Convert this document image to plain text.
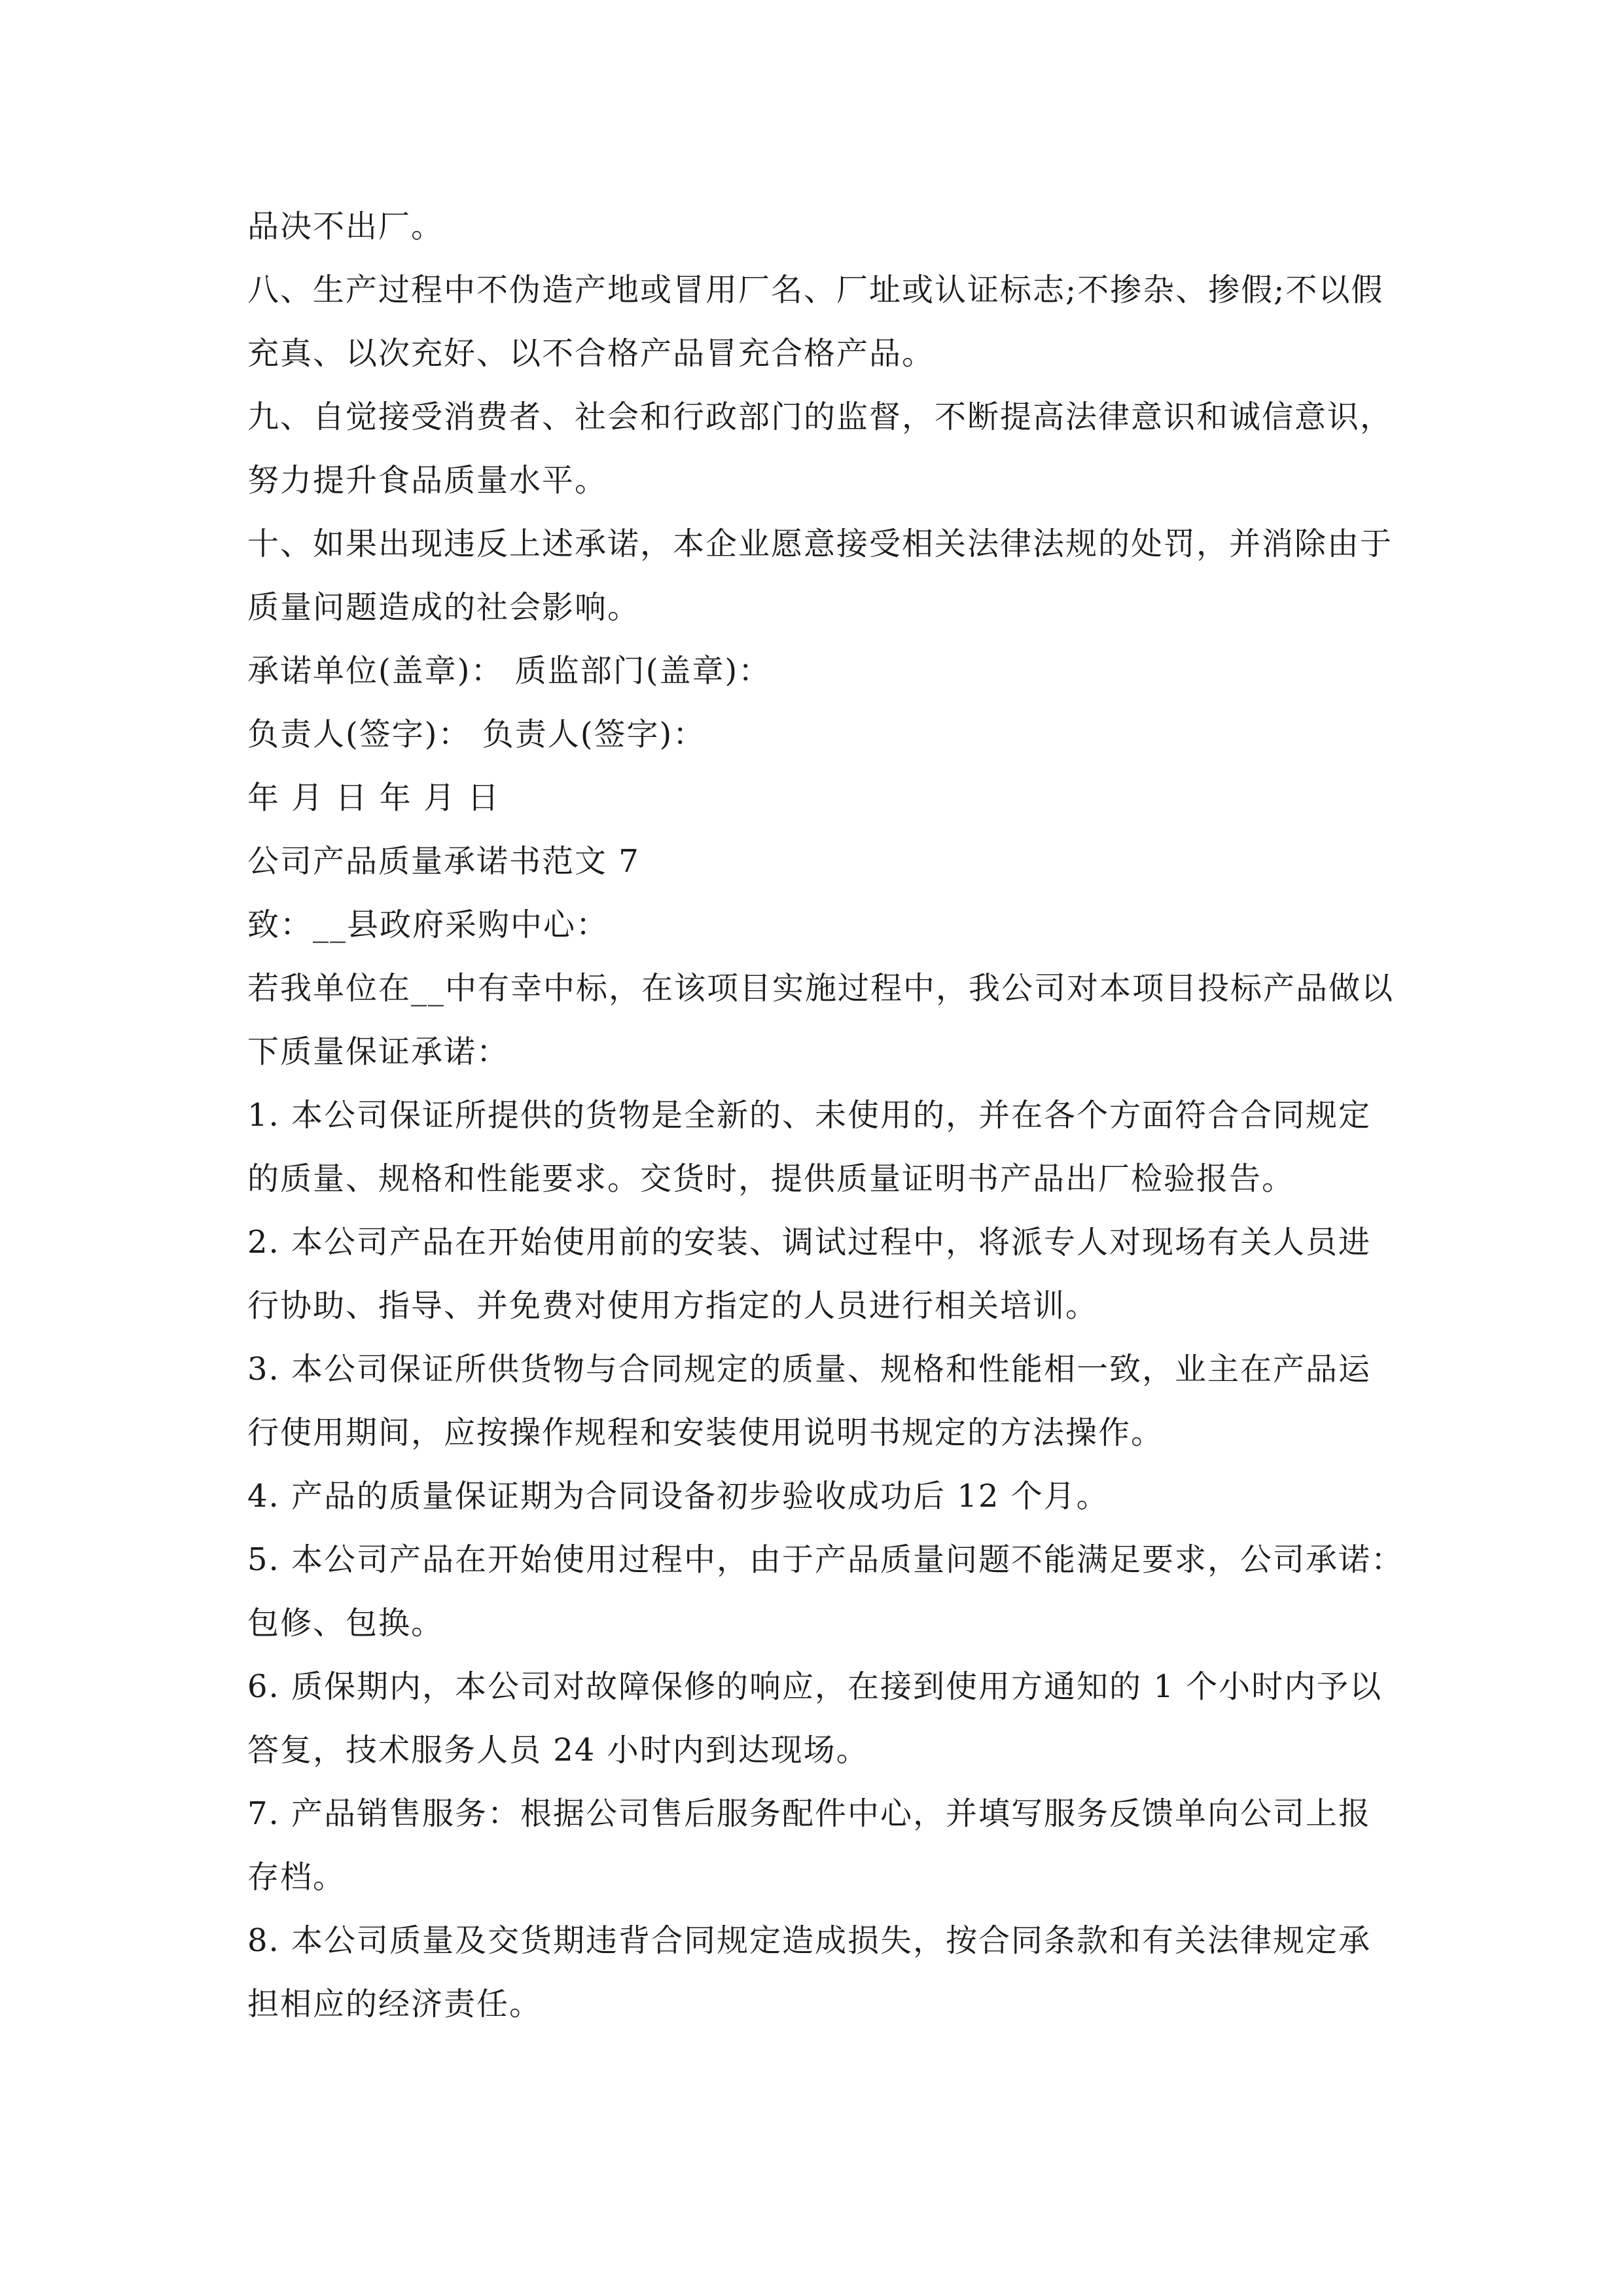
品决不出厂。
八、生产过程中不伪造产地或冒用厂名、厂址或认证标志;不掺杂、掺假;不以假
充真、以次充好、以不合格产品冒充合格产品。
九、自觉接受消费者、社会和行政部门的监督，不断提高法律意识和诚信意识，
努力提升食品质量水平。
十、如果出现违反上述承诺，本企业愿意接受相关法律法规的处罚，并消除由于
质量问题造成的社会影响。
承诺单位(盖章)： 质监部门(盖章)：
负责人(签字)： 负责人(签字)：
年 月 日 年 月 日
公司产品质量承诺书范文 7
致：__县政府采购中心：
若我单位在__中有幸中标，在该项目实施过程中，我公司对本项目投标产品做以
下质量保证承诺：
1. 本公司保证所提供的货物是全新的、未使用的，并在各个方面符合合同规定
的质量、规格和性能要求。交货时，提供质量证明书产品出厂检验报告。
2. 本公司产品在开始使用前的安装、调试过程中，将派专人对现场有关人员进
行协助、指导、并免费对使用方指定的人员进行相关培训。
3. 本公司保证所供货物与合同规定的质量、规格和性能相一致，业主在产品运
行使用期间，应按操作规程和安装使用说明书规定的方法操作。
4. 产品的质量保证期为合同设备初步验收成功后 12 个月。
5. 本公司产品在开始使用过程中，由于产品质量问题不能满足要求，公司承诺：
包修、包换。
6. 质保期内，本公司对故障保修的响应，在接到使用方通知的 1 个小时内予以
答复，技术服务人员 24 小时内到达现场。
7. 产品销售服务：根据公司售后服务配件中心，并填写服务反馈单向公司上报
存档。
8. 本公司质量及交货期违背合同规定造成损失，按合同条款和有关法律规定承
担相应的经济责任。
